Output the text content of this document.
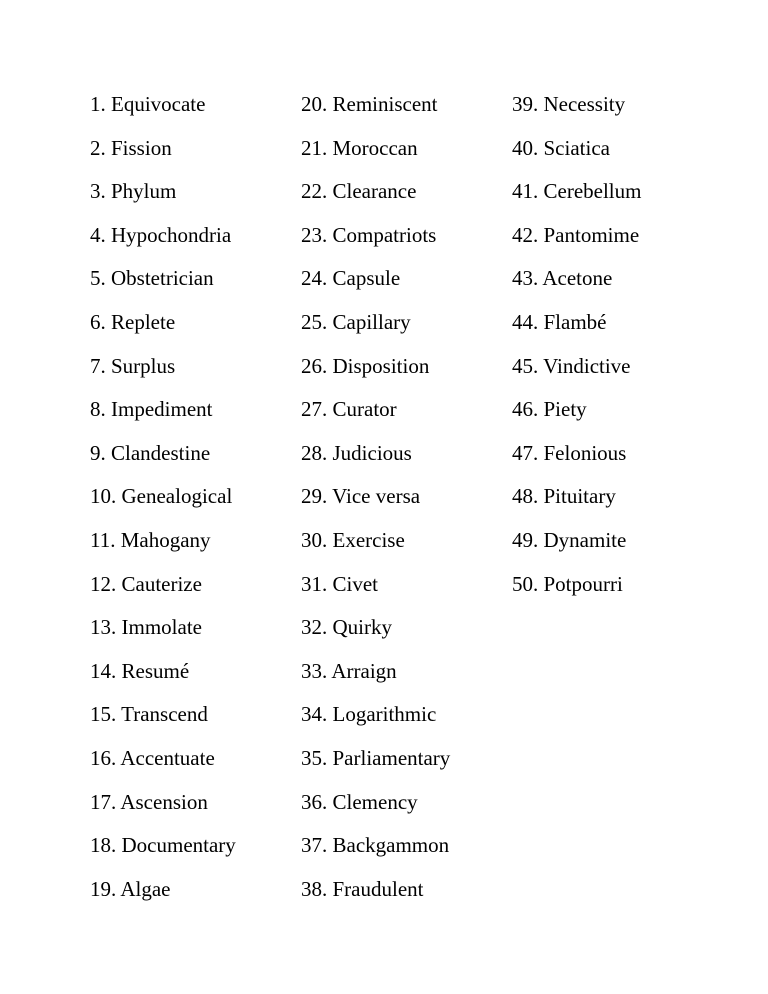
1. Equivocate
2. Fission
3. Phylum
4. Hypochondria
5. Obstetrician
6. Replete
7. Surplus
8. Impediment
9. Clandestine
10. Genealogical
11. Mahogany
12. Cauterize
13. Immolate
14. Resumé
15. Transcend
16. Accentuate
17. Ascension
18. Documentary
19. Algae
20. Reminiscent
21. Moroccan
22. Clearance
23. Compatriots
24. Capsule
25. Capillary
26. Disposition
27. Curator
28. Judicious
29. Vice versa
30. Exercise
31. Civet
32. Quirky
33. Arraign
34. Logarithmic
35. Parliamentary
36. Clemency
37. Backgammon
38. Fraudulent
39. Necessity
40. Sciatica
41. Cerebellum
42. Pantomime
43. Acetone
44. Flambé
45. Vindictive
46. Piety
47. Felonious
48. Pituitary
49. Dynamite
50. Potpourri
